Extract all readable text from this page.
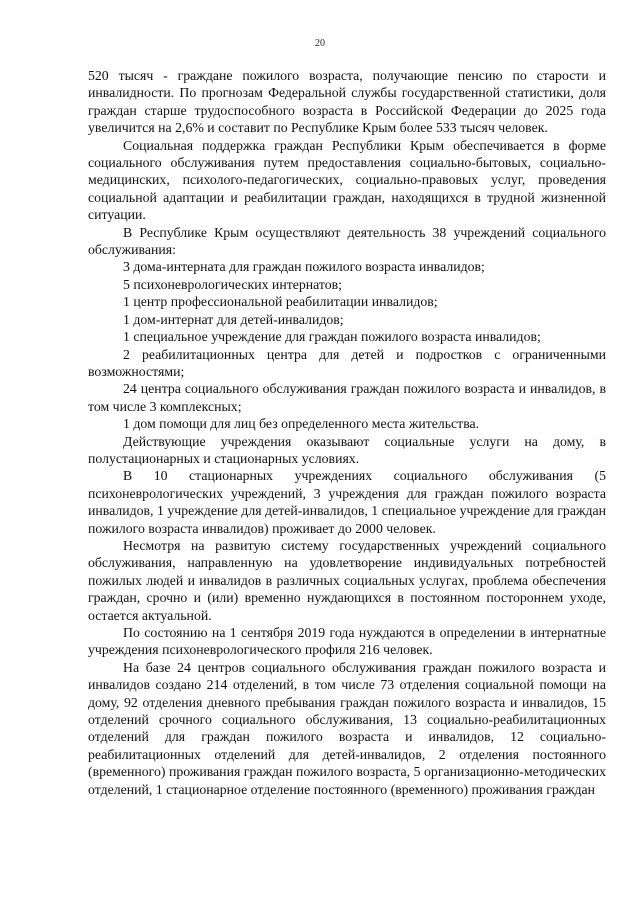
20

520 тысяч - граждане пожилого возраста, получающие пенсию по старости и инвалидности. По прогнозам Федеральной службы государственной статистики, доля граждан старше трудоспособного возраста в Российской Федерации до 2025 года увеличится на 2,6% и составит по Республике Крым более 533 тысяч человек.

Социальная поддержка граждан Республики Крым обеспечивается в форме социального обслуживания путем предоставления социально-бытовых, социально-медицинских, психолого-педагогических, социально-правовых услуг, проведения социальной адаптации и реабилитации граждан, находящихся в трудной жизненной ситуации.

В Республике Крым осуществляют деятельность 38 учреждений социального обслуживания:

3 дома-интерната для граждан пожилого возраста инвалидов;

5 психоневрологических интернатов;

1 центр профессиональной реабилитации инвалидов;

1 дом-интернат для детей-инвалидов;

1 специальное учреждение для граждан пожилого возраста инвалидов;

2 реабилитационных центра для детей и подростков с ограниченными возможностями;

24 центра социального обслуживания граждан пожилого возраста и инвалидов, в том числе 3 комплексных;

1 дом помощи для лиц без определенного места жительства.

Действующие учреждения оказывают социальные услуги на дому, в полустационарных и стационарных условиях.

В 10 стационарных учреждениях социального обслуживания (5 психоневрологических учреждений, 3 учреждения для граждан пожилого возраста инвалидов, 1 учреждение для детей-инвалидов, 1 специальное учреждение для граждан пожилого возраста инвалидов) проживает до 2000 человек.

Несмотря на развитую систему государственных учреждений социального обслуживания, направленную на удовлетворение индивидуальных потребностей пожилых людей и инвалидов в различных социальных услугах, проблема обеспечения граждан, срочно и (или) временно нуждающихся в постоянном постороннем уходе, остается актуальной.

По состоянию на 1 сентября 2019 года нуждаются в определении в интернатные учреждения психоневрологического профиля 216 человек.

На базе 24 центров социального обслуживания граждан пожилого возраста и инвалидов создано 214 отделений, в том числе 73 отделения социальной помощи на дому, 92 отделения дневного пребывания граждан пожилого возраста и инвалидов, 15 отделений срочного социального обслуживания, 13 социально-реабилитационных отделений для граждан пожилого возраста и инвалидов, 12 социально-реабилитационных отделений для детей-инвалидов, 2 отделения постоянного (временного) проживания граждан пожилого возраста, 5 организационно-методических отделений, 1 стационарное отделение постоянного (временного) проживания граждан
